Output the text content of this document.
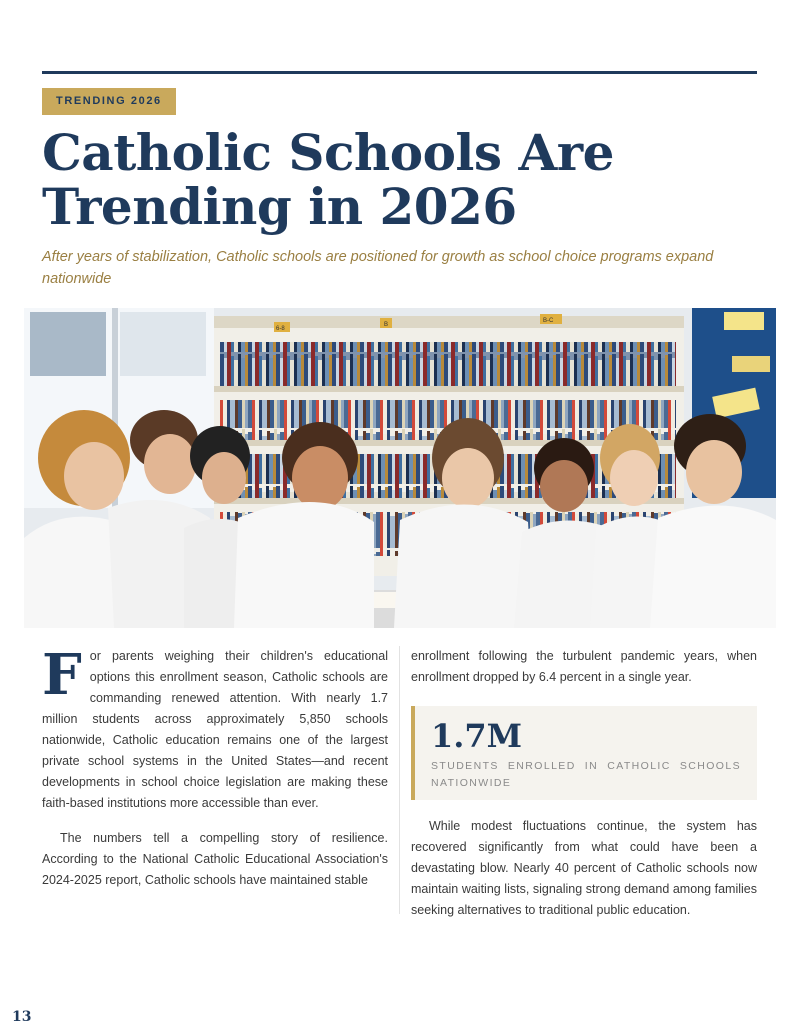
TRENDING 2026
Catholic Schools Are
Trending in 2026

After years of stabilization, Catholic schools are positioned for growth as school choice programs expand nationwide

6-8
B
B-C

For parents weighing their children's educational options this enrollment season, Catholic schools are commanding renewed attention. With nearly 1.7 million students across approximately 5,850 schools nationwide, Catholic education remains one of the largest private school systems in the United States—and recent developments in school choice legislation are making these faith-based institutions more accessible than ever.

The numbers tell a compelling story of resilience. According to the National Catholic Educational Association's 2024-2025 report, Catholic schools have maintained stable

enrollment following the turbulent pandemic years, when enrollment dropped by 6.4 percent in a single year.

1.7M
STUDENTS ENROLLED IN CATHOLIC SCHOOLS NATIONWIDE

While modest fluctuations continue, the system has recovered significantly from what could have been a devastating blow. Nearly 40 percent of Catholic schools now maintain waiting lists, signaling strong demand among families seeking alternatives to traditional public education.

13
